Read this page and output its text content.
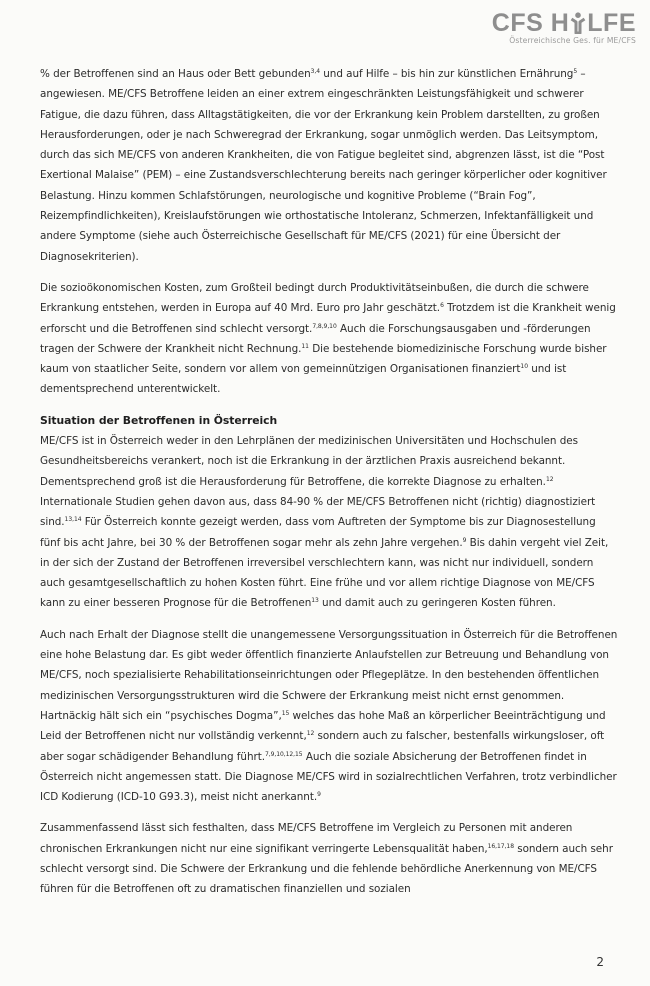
CFS H LFE
Österreichische Ges. für ME/CFS

% der Betroffenen sind an Haus oder Bett gebunden$^{3,4}$ und auf Hilfe – bis hin zur künstlichen Ernährung$^5$ – angewiesen. ME/CFS Betroffene leiden an einer extrem eingeschränkten Leistungsfähigkeit und schwerer Fatigue, die dazu führen, dass Alltagstätigkeiten, die vor der Erkrankung kein Problem darstellten, zu großen Herausforderungen, oder je nach Schweregrad der Erkrankung, sogar unmöglich werden. Das Leitsymptom, durch das sich ME/CFS von anderen Krankheiten, die von Fatigue begleitet sind, abgrenzen lässt, ist die “Post Exertional Malaise” (PEM) – eine Zustandsverschlechterung bereits nach geringer körperlicher oder kognitiver Belastung. Hinzu kommen Schlafstörungen, neurologische und kognitive Probleme (“Brain Fog”, Reizempfindlichkeiten), Kreislaufstörungen wie orthostatische Intoleranz, Schmerzen, Infektanfälligkeit und andere Symptome (siehe auch Österreichische Gesellschaft für ME/CFS (2021) für eine Übersicht der Diagnosekriterien).

Die sozioökonomischen Kosten, zum Großteil bedingt durch Produktivitätseinbußen, die durch die schwere Erkrankung entstehen, werden in Europa auf 40 Mrd. Euro pro Jahr geschätzt.$^6$ Trotzdem ist die Krankheit wenig erforscht und die Betroffenen sind schlecht versorgt.$^{7,8,9,10}$ Auch die Forschungsausgaben und -förderungen tragen der Schwere der Krankheit nicht Rechnung.$^{11}$ Die bestehende biomedizinische Forschung wurde bisher kaum von staatlicher Seite, sondern vor allem von gemeinnützigen Organisationen finanziert$^{10}$ und ist dementsprechend unterentwickelt.

Situation der Betroffenen in Österreich

ME/CFS ist in Österreich weder in den Lehrplänen der medizinischen Universitäten und Hochschulen des Gesundheitsbereichs verankert, noch ist die Erkrankung in der ärztlichen Praxis ausreichend bekannt. Dementsprechend groß ist die Herausforderung für Betroffene, die korrekte Diagnose zu erhalten.$^{12}$ Internationale Studien gehen davon aus, dass 84-90 % der ME/CFS Betroffenen nicht (richtig) diagnostiziert sind.$^{13,14}$ Für Österreich konnte gezeigt werden, dass vom Auftreten der Symptome bis zur Diagnosestellung fünf bis acht Jahre, bei 30 % der Betroffenen sogar mehr als zehn Jahre vergehen.$^9$ Bis dahin vergeht viel Zeit, in der sich der Zustand der Betroffenen irreversibel verschlechtern kann, was nicht nur individuell, sondern auch gesamtgesellschaftlich zu hohen Kosten führt. Eine frühe und vor allem richtige Diagnose von ME/CFS kann zu einer besseren Prognose für die Betroffenen$^{13}$ und damit auch zu geringeren Kosten führen.

Auch nach Erhalt der Diagnose stellt die unangemessene Versorgungssituation in Österreich für die Betroffenen eine hohe Belastung dar. Es gibt weder öffentlich finanzierte Anlaufstellen zur Betreuung und Behandlung von ME/CFS, noch spezialisierte Rehabilitationseinrichtungen oder Pflegeplätze. In den bestehenden öffentlichen medizinischen Versorgungsstrukturen wird die Schwere der Erkrankung meist nicht ernst genommen. Hartnäckig hält sich ein “psychisches Dogma”,$^{15}$ welches das hohe Maß an körperlicher Beeinträchtigung und Leid der Betroffenen nicht nur vollständig verkennt,$^{12}$ sondern auch zu falscher, bestenfalls wirkungsloser, oft aber sogar schädigender Behandlung führt.$^{7,9,10,12,15}$ Auch die soziale Absicherung der Betroffenen findet in Österreich nicht angemessen statt. Die Diagnose ME/CFS wird in sozialrechtlichen Verfahren, trotz verbindlicher ICD Kodierung (ICD-10 G93.3), meist nicht anerkannt.$^9$

Zusammenfassend lässt sich festhalten, dass ME/CFS Betroffene im Vergleich zu Personen mit anderen chronischen Erkrankungen nicht nur eine signifikant verringerte Lebensqualität haben,$^{16,17,18}$ sondern auch sehr schlecht versorgt sind. Die Schwere der Erkrankung und die fehlende behördliche Anerkennung von ME/CFS führen für die Betroffenen oft zu dramatischen finanziellen und sozialen

2
